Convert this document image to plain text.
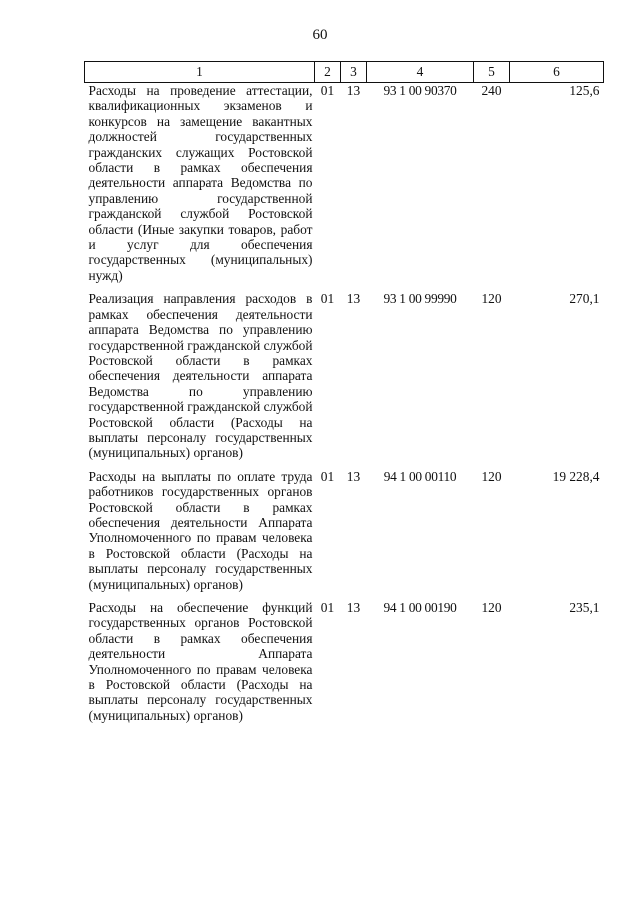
60
1	2	3	4	5	6
Расходы на проведение аттестации, квалификационных экзаменов и конкурсов на замещение вакантных должностей государственных гражданских служащих Ростовской области в рамках обеспечения деятельности аппарата Ведомства по управлению государственной гражданской службой Ростовской области (Иные закупки товаров, работ и услуг для обеспечения государственных (муниципальных) нужд)	01	13	93 1 00 90370	240	125,6
Реализация направления расходов в рамках обеспечения деятельности аппарата Ведомства по управлению государственной гражданской службой Ростовской области в рамках обеспечения деятельности аппарата Ведомства по управлению государственной гражданской службой Ростовской области (Расходы на выплаты персоналу государственных (муниципальных) органов)	01	13	93 1 00 99990	120	270,1
Расходы на выплаты по оплате труда работников государственных органов Ростовской области в рамках обеспечения деятельности Аппарата Уполномоченного по правам человека в Ростовской области (Расходы на выплаты персоналу государственных (муниципальных) органов)	01	13	94 1 00 00110	120	19 228,4
Расходы на обеспечение функций государственных органов Ростовской области в рамках обеспечения деятельности Аппарата Уполномоченного по правам человека в Ростовской области (Расходы на выплаты персоналу государственных (муниципальных) органов)	01	13	94 1 00 00190	120	235,1
